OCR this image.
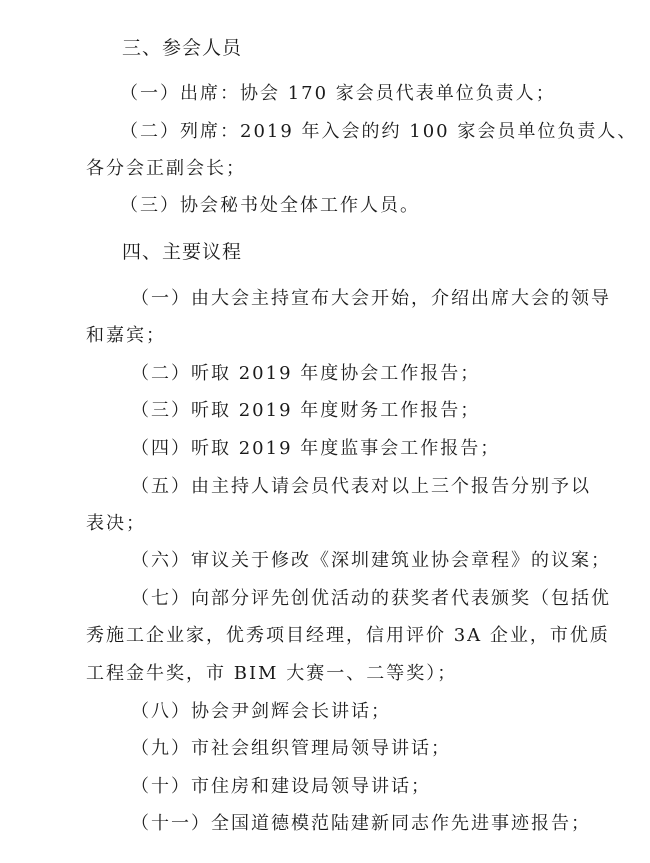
三、参会人员

（一）出席：协会 170 家会员代表单位负责人；

（二）列席：2019 年入会的约 100 家会员单位负责人、

各分会正副会长；

（三）协会秘书处全体工作人员。

四、主要议程

（一）由大会主持宣布大会开始，介绍出席大会的领导

和嘉宾；

（二）听取 2019 年度协会工作报告；

（三）听取 2019 年度财务工作报告；

（四）听取 2019 年度监事会工作报告；

（五）由主持人请会员代表对以上三个报告分别予以

表决；

（六）审议关于修改《深圳建筑业协会章程》的议案；

（七）向部分评先创优活动的获奖者代表颁奖（包括优

秀施工企业家，优秀项目经理，信用评价 3A 企业，市优质

工程金牛奖，市 BIM 大赛一、二等奖）；

（八）协会尹剑辉会长讲话；

（九）市社会组织管理局领导讲话；

（十）市住房和建设局领导讲话；

（十一）全国道德模范陆建新同志作先进事迹报告；
